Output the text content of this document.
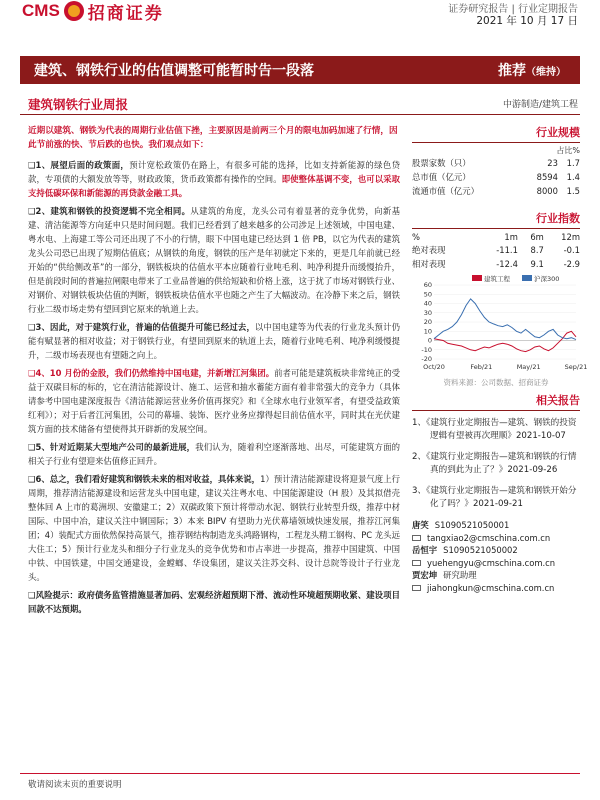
CMS 招商证券	证券研究报告 | 行业定期报告
2021 年 10 月 17 日
建筑、钢铁行业的估值调整可能暂时告一段落	推荐（维持）
建筑钢铁行业周报	中游制造/建筑工程
近期以建筑、钢铁为代表的周期行业估值下挫，主要原因是前两三个月的限电加码加速了行情，因此节前涨的快、节后跌的也快。我们观点如下：
❑1、展望后面的政策面，预计宽松政策仍在路上，有很多可能的选择，比如支持新能源的绿色贷款，专项债的大额发放等等，财政政策，货币政策都有操作的空间。即使整体基调不变，也可以采取支持低碳环保和新能源的再贷款金融工具。
❑2、建筑和钢铁的投资逻辑不完全相同。从建筑的角度，龙头公司有着显著的竞争优势，向新基建、清洁能源等方向延申只是时间问题。我们已经看到了越来越多的公司涉足上述领域，中国电建、粤水电、上海建工等公司还出现了不小的行情，眼下中国电建已经达到 1 倍 PB，以它为代表的建筑龙头公司恐已出现了短期估值底；从钢铁的角度，钢铁的压产是年初就定下来的，更是几年前就已经开始的“供给侧改革”的一部分，钢铁板块的估值水平本应随着行业吨毛利、吨净利提升而缓慢抬升，但是前段时间的普遍拉闸限电带来了工业品普遍的供给短缺和价格上涨，这于扰了市场对钢铁行业、对钢价、对钢铁板块估值的判断，钢铁板块估值水平也随之产生了大幅波动。在冷静下来之后，钢铁行业二级市场走势有望回到它原来的轨道上去。
❑3、因此，对于建筑行业，普遍的估值提升可能已经过去，以中国电建等为代表的行业龙头预计仍能有赋显著的相对收益；对于钢铁行业，有望回到原来的轨道上去，随着行业吨毛利、吨净利缓慢提升，二级市场表现也有望随之向上。
❑4、10 月份的金股，我们仍然维持中国电建，并新增江河集团。前者可能是建筑板块非常纯正的受益于双碳目标的标的，它在清洁能源设计、施工、运营和抽水蓄能方面有着非常强大的竞争力（具体请参考中国电建深度报告《清洁能源运营业务价值再探究》和《全球水电行业领军者，有望受益政策红利》）；对于后者江河集团，公司的幕墙、装饰、医疗业务应撑得起目前估值水平，同时其在光伏建筑方面的技术储备有望使得其开辟新的发展空间。
❑5、针对近期某大型地产公司的最新进展，我们认为，随着利空逐渐落地、出尽，可能建筑方面的相关子行业有望迎来估值修正回升。
❑6、总之，我们看好建筑和钢铁未来的相对收益，具体来说，1）预计清洁能源建设将迎景气度上行周期，推荐清洁能源建设和运营龙头中国电建，建议关注粤水电、中国能源建设（H 股）及其拟借壳整体回 A 上市的葛洲坝、安徽建工；2）双碳政策下预计将带动水泥、钢铁行业转型升级，推荐中材国际、中国中冶，建议关注中钢国际；3）本来 BIPV 有望助力光伏幕墙领域快速发展，推荐江河集团；4）装配式方面依然保持高景气，推荐钢结构制造龙头鸿路钢构，工程龙头精工钢构、PC 龙头远大住工；5）预计行业龙头和细分子行业龙头的竞争优势和市占率进一步提高，推荐中国建筑、中国中铁、中国铁建，中国交通建设，金螳螂、华设集团，建议关注苏交科、设计总院等设计子行业龙头。
❑风险提示：政府债务监管措施显著加码、宏观经济超预期下滑、流动性环境超预期收紧、建设项目回款不达预期。
行业规模
占比%
股票家数（只）	23	1.7
总市值（亿元）	8594	1.4
流通市值（亿元）	8000	1.5
行业指数
%	1m	6m	12m
绝对表现	-11.1	8.7	-0.1
相对表现	-12.4	9.1	-2.9
60
50
40
30
20
10
0
-10
-20
Oct/20	Feb/21	May/21	Sep/21
建筑工程	沪深300
资料来源：公司数据、招商证券
相关报告
1、《建筑行业定期报告—建筑、钢铁的投资逻辑有望被再次理顺》2021-10-07
2、《建筑行业定期报告—建筑和钢铁的行情真的到此为止了？》2021-09-26
3、《建筑行业定期报告—建筑和钢铁开始分化了吗？》2021-09-21
唐笑 S1090521050001
tangxiao2@cmschina.com.cn
岳恒宇 S1090521050002
yuehengyu@cmschina.com.cn
贾宏坤 研究助理
jiahongkun@cmschina.com.cn
敬请阅读末页的重要说明
